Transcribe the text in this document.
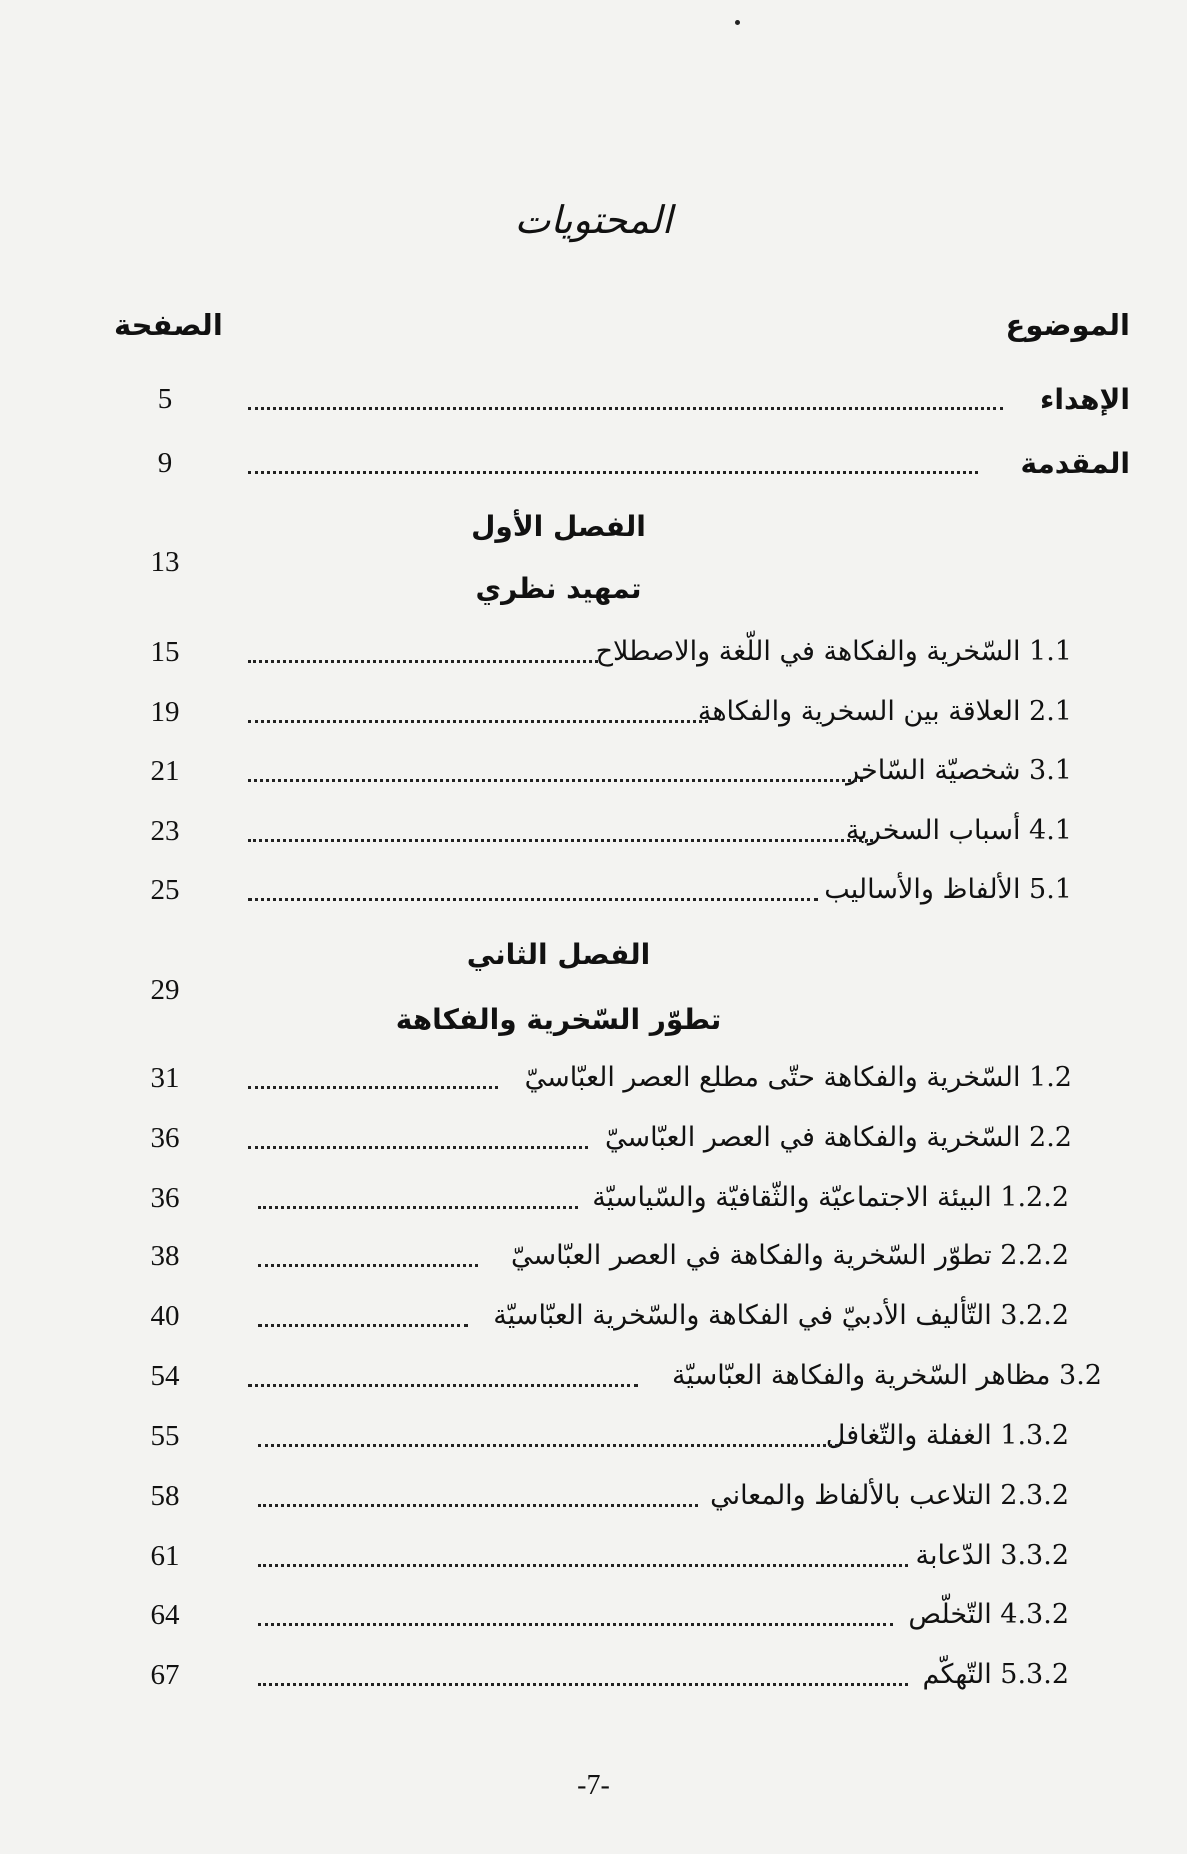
المحتويات
الموضوع
الصفحة
الإهداء
5
المقدمة
9
الفصل الأول
13
تمهيد نظري
1.1 السّخرية والفكاهة في اللّغة والاصطلاح
15
2.1 العلاقة بين السخرية والفكاهة
19
3.1 شخصيّة السّاخر
21
4.1 أسباب السخرية
23
5.1 الألفاظ والأساليب
25
الفصل الثاني
29
تطوّر السّخرية والفكاهة
1.2 السّخرية والفكاهة حتّى مطلع العصر العبّاسيّ
31
2.2 السّخرية والفكاهة في العصر العبّاسيّ
36
1.2.2 البيئة الاجتماعيّة والثّقافيّة والسّياسيّة
36
2.2.2 تطوّر السّخرية والفكاهة في العصر العبّاسيّ
38
3.2.2 التّأليف الأدبيّ في الفكاهة والسّخرية العبّاسيّة
40
3.2 مظاهر السّخرية والفكاهة العبّاسيّة
54
1.3.2 الغفلة والتّغافل
55
2.3.2 التلاعب بالألفاظ والمعاني
58
3.3.2 الدّعابة
61
4.3.2 التّخلّص
64
5.3.2 التّهكّم
67
-7-
